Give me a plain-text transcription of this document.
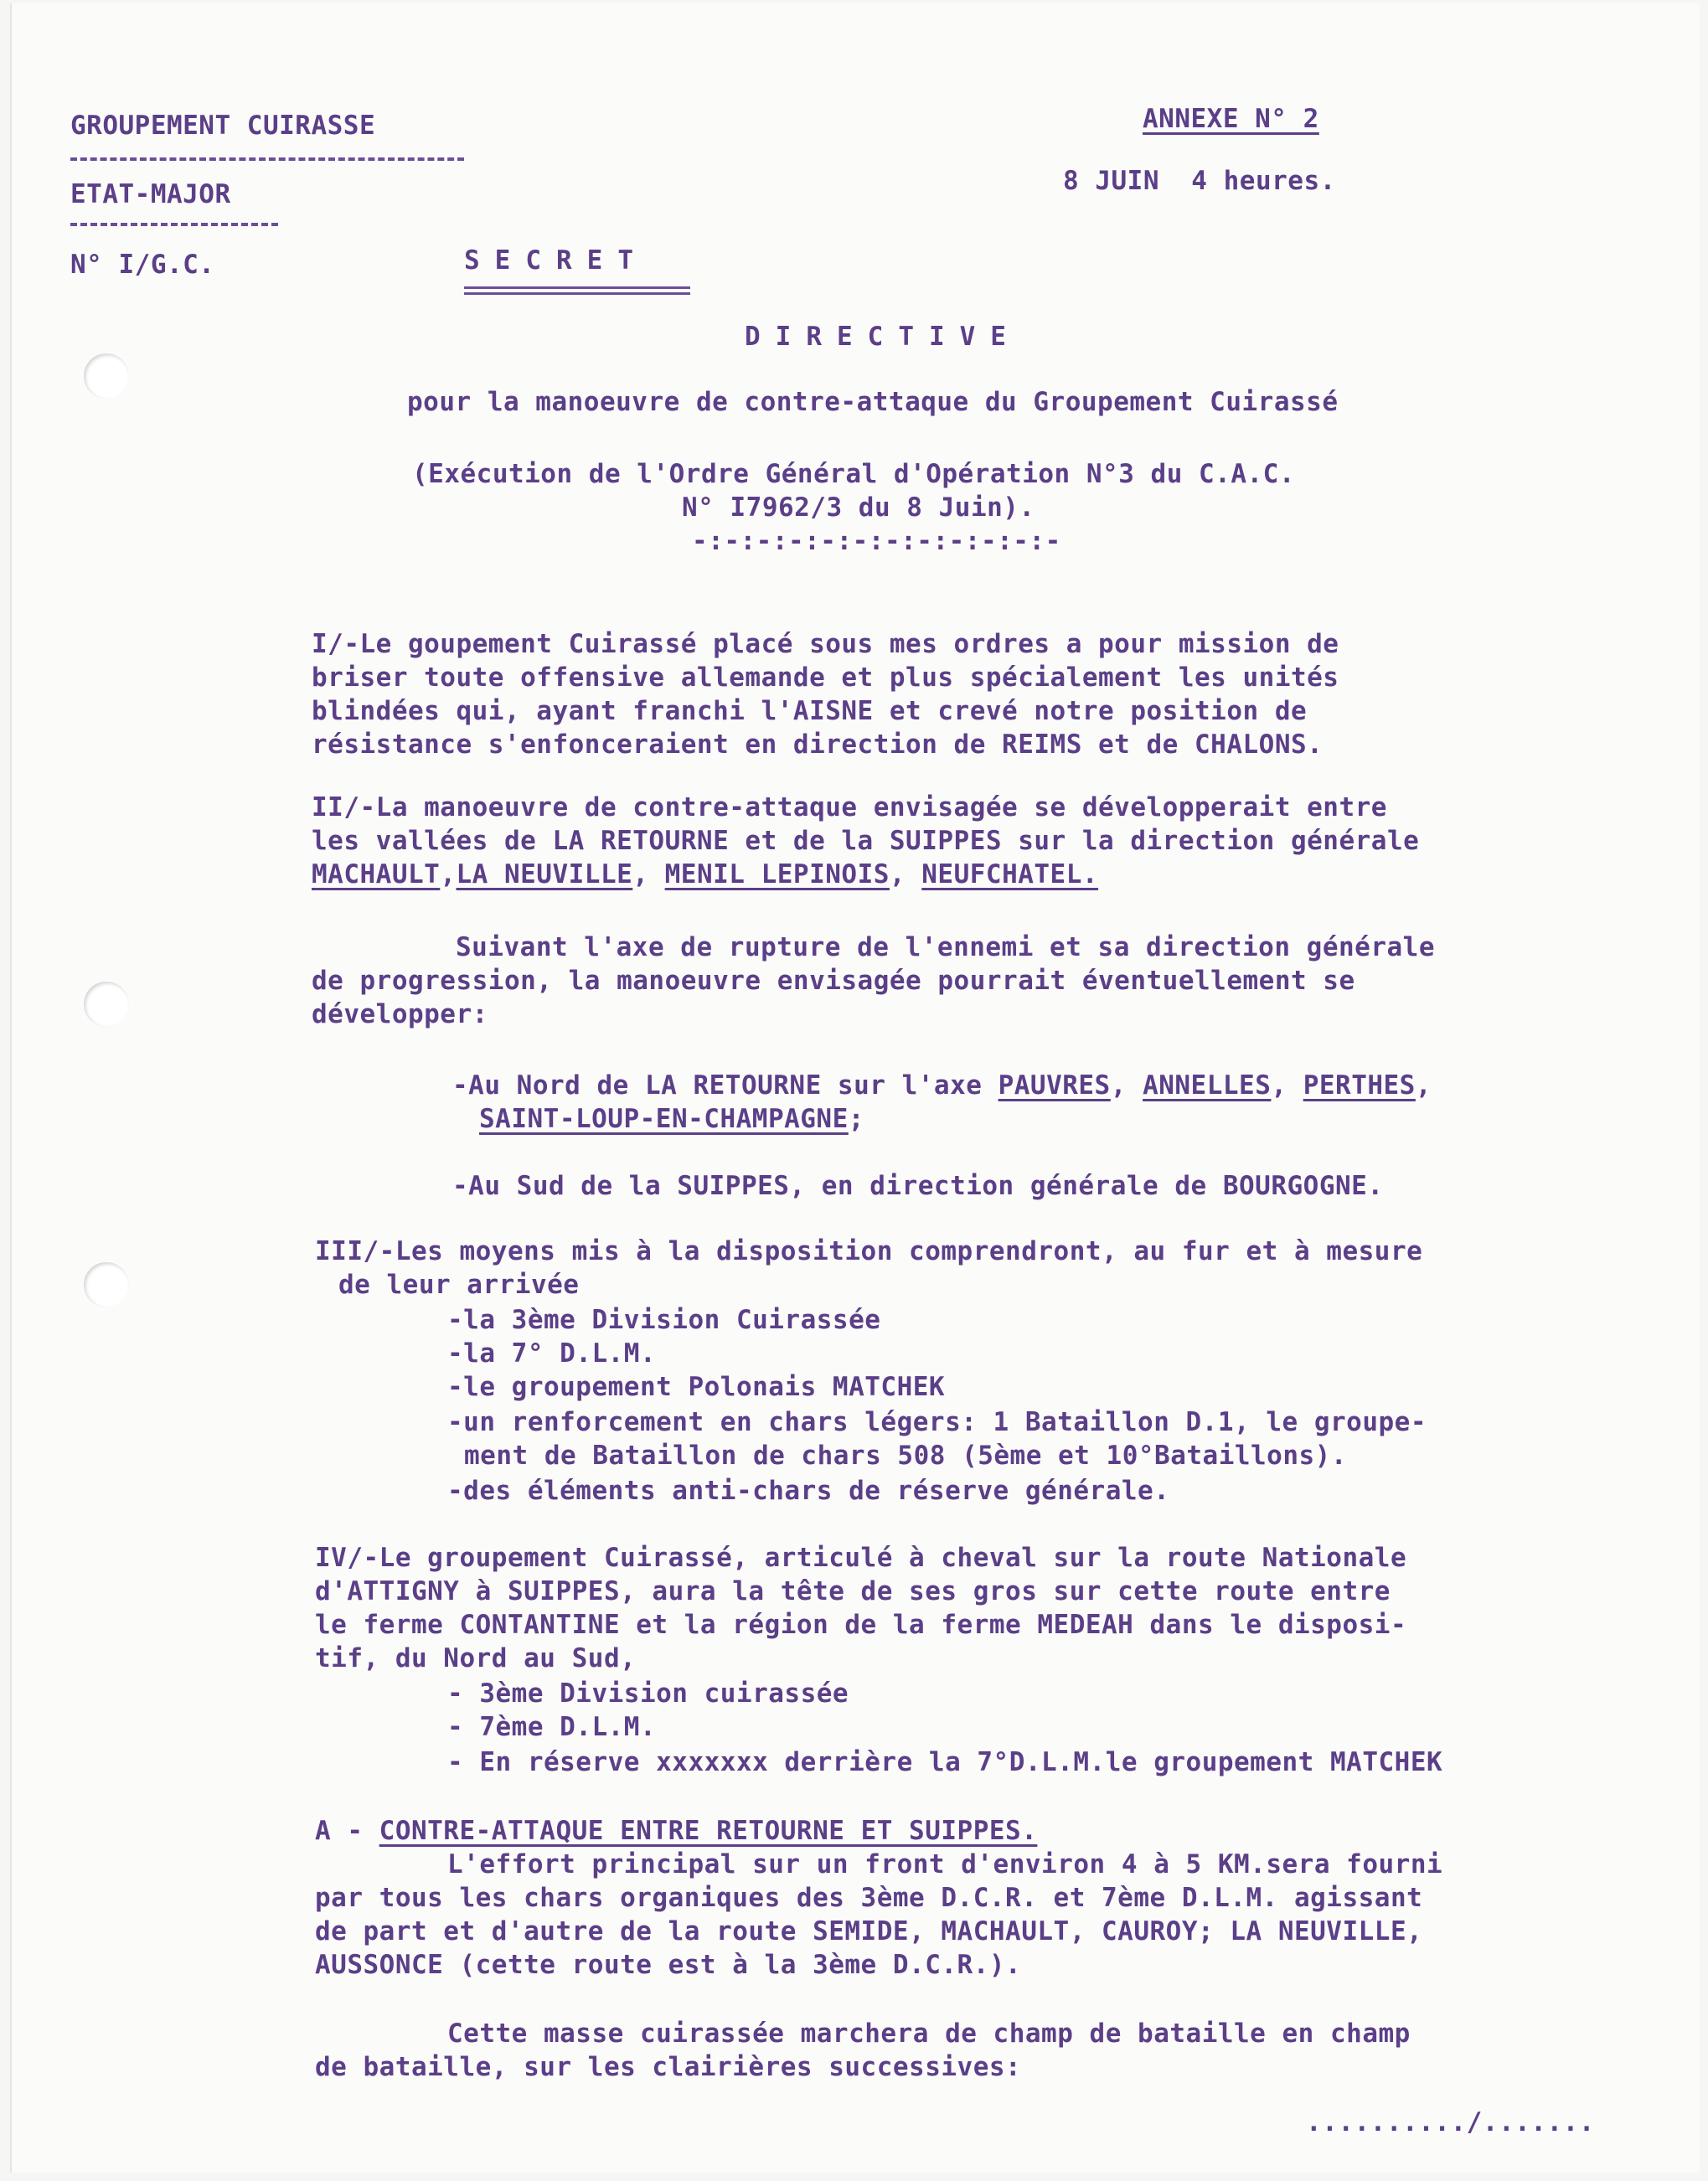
GROUPEMENT CUIRASSE

ETAT-MAJOR

N° I/G.C.

ANNEXE N° 2

8 JUIN  4 heures.

SECRET

DIRECTIVE

pour la manoeuvre de contre-attaque du Groupement Cuirassé

(Exécution de l'Ordre Général d'Opération N°3 du C.A.C.

N° I7962/3 du 8 Juin).

-:-:-:-:-:-:-:-:-:-:-:-

I/-Le goupement Cuirassé placé sous mes ordres a pour mission de

briser toute offensive allemande et plus spécialement les unités

blindées qui, ayant franchi l'AISNE et crevé notre position de

résistance s'enfonceraient en direction de REIMS et de CHALONS.

II/-La manoeuvre de contre-attaque envisagée se développerait entre

les vallées de LA RETOURNE et de la SUIPPES sur la direction générale

MACHAULT,LA NEUVILLE, MENIL LEPINOIS, NEUFCHATEL.

Suivant l'axe de rupture de l'ennemi et sa direction générale

de progression, la manoeuvre envisagée pourrait éventuellement se

développer:

-Au Nord de LA RETOURNE sur l'axe PAUVRES, ANNELLES, PERTHES,

SAINT-LOUP-EN-CHAMPAGNE;

-Au Sud de la SUIPPES, en direction générale de BOURGOGNE.

III/-Les moyens mis à la disposition comprendront, au fur et à mesure

de leur arrivée

-la 3ème Division Cuirassée

-la 7° D.L.M.

-le groupement Polonais MATCHEK

-un renforcement en chars légers: 1 Bataillon D.1, le groupe-

ment de Bataillon de chars 508 (5ème et 10°Bataillons).

-des éléments anti-chars de réserve générale.

IV/-Le groupement Cuirassé, articulé à cheval sur la route Nationale

d'ATTIGNY à SUIPPES, aura la tête de ses gros sur cette route entre

le ferme CONTANTINE et la région de la ferme MEDEAH dans le disposi-

tif, du Nord au Sud,

- 3ème Division cuirassée

- 7ème D.L.M.

- En réserve xxxxxxx derrière la 7°D.L.M.le groupement MATCHEK

A - CONTRE-ATTAQUE ENTRE RETOURNE ET SUIPPES.

L'effort principal sur un front d'environ 4 à 5 KM.sera fourni

par tous les chars organiques des 3ème D.C.R. et 7ème D.L.M. agissant

de part et d'autre de la route SEMIDE, MACHAULT, CAUROY; LA NEUVILLE,

AUSSONCE (cette route est à la 3ème D.C.R.).

Cette masse cuirassée marchera de champ de bataille en champ

de bataille, sur les clairières successives:

........../.......
